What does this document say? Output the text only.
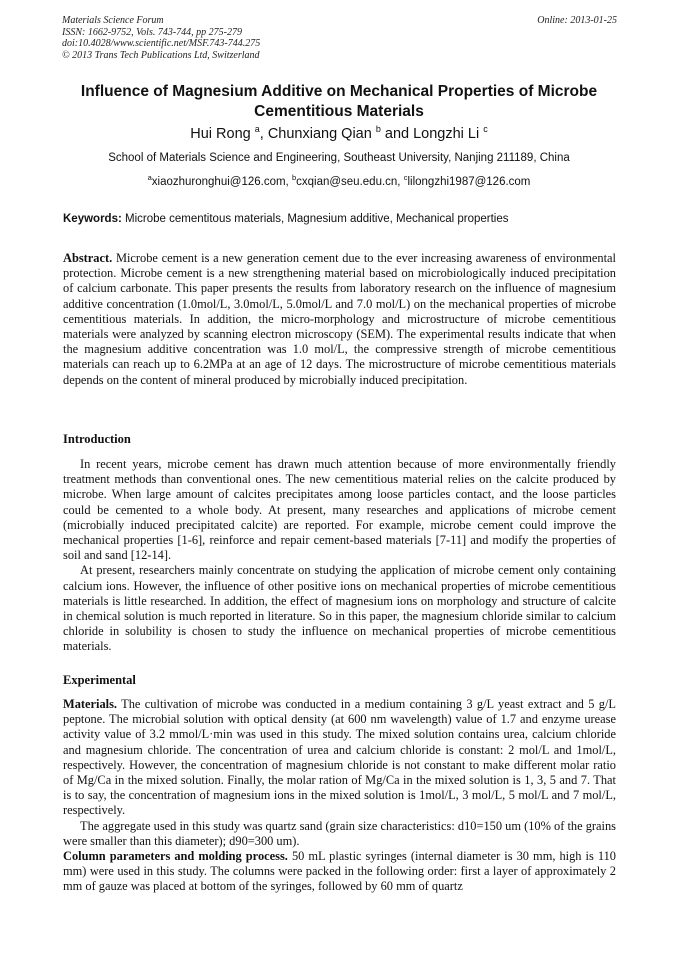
Materials Science Forum
ISSN: 1662-9752, Vols. 743-744, pp 275-279
doi:10.4028/www.scientific.net/MSF.743-744.275
© 2013 Trans Tech Publications Ltd, Switzerland
Online: 2013-01-25
Influence of Magnesium Additive on Mechanical Properties of Microbe Cementitious Materials
Hui Rong $^a$, Chunxiang Qian $^b$ and Longzhi Li $^c$
School of Materials Science and Engineering, Southeast University, Nanjing 211189, China
$^a$xiaozhuronghui@126.com, $^b$cxqian@seu.edu.cn, $^c$lilongzhi1987@126.com
Keywords: Microbe cementitous materials, Magnesium additive, Mechanical properties

Abstract. Microbe cement is a new generation cement due to the ever increasing awareness of environmental protection. Microbe cement is a new strengthening material based on microbiologically induced precipitation of calcium carbonate. This paper presents the results from laboratory research on the influence of magnesium additive concentration (1.0mol/L, 3.0mol/L, 5.0mol/L and 7.0 mol/L) on the mechanical properties of microbe cementitious materials. In addition, the micro-morphology and microstructure of microbe cementitious materials were analyzed by scanning electron microscopy (SEM). The experimental results indicate that when the magnesium additive concentration was 1.0 mol/L, the compressive strength of microbe cementitious materials can reach up to 6.2MPa at an age of 12 days. The microstructure of microbe cementitious materials depends on the content of mineral produced by microbially induced precipitation.

Introduction

In recent years, microbe cement has drawn much attention because of more environmentally friendly treatment methods than conventional ones. The new cementitious material relies on the calcite produced by microbe. When large amount of calcites precipitates among loose particles contact, and the loose particles could be cemented to a whole body. At present, many researches and applications of microbe cement (microbially induced precipitated calcite) are reported. For example, microbe cement could improve the mechanical properties [1-6], reinforce and repair cement-based materials [7-11] and modify the properties of soil and sand [12-14].

At present, researchers mainly concentrate on studying the application of microbe cement only containing calcium ions. However, the influence of other positive ions on mechanical properties of microbe cementitious materials is little researched. In addition, the effect of magnesium ions on morphology and structure of calcite in chemical solution is much reported in literature. So in this paper, the magnesium chloride similar to calcium chloride in solubility is chosen to study the influence on mechanical properties of microbe cementitious materials.

Experimental

Materials. The cultivation of microbe was conducted in a medium containing 3 g/L yeast extract and 5 g/L peptone. The microbial solution with optical density (at 600 nm wavelength) value of 1.7 and enzyme urease activity value of 3.2 mmol/L·min was used in this study. The mixed solution contains urea, calcium chloride and magnesium chloride. The concentration of urea and calcium chloride is constant: 2 mol/L and 1mol/L, respectively. However, the concentration of magnesium chloride is not constant to make different molar ratio of Mg/Ca in the mixed solution. Finally, the molar ration of Mg/Ca in the mixed solution is 1, 3, 5 and 7. That is to say, the concentration of magnesium ions in the mixed solution is 1mol/L, 3 mol/L, 5 mol/L and 7 mol/L, respectively.

The aggregate used in this study was quartz sand (grain size characteristics: d10=150 um (10% of the grains were smaller than this diameter); d90=300 um).

Column parameters and molding process. 50 mL plastic syringes (internal diameter is 30 mm, high is 110 mm) were used in this study. The columns were packed in the following order: first a layer of approximately 2 mm of gauze was placed at bottom of the syringes, followed by 60 mm of quartz
